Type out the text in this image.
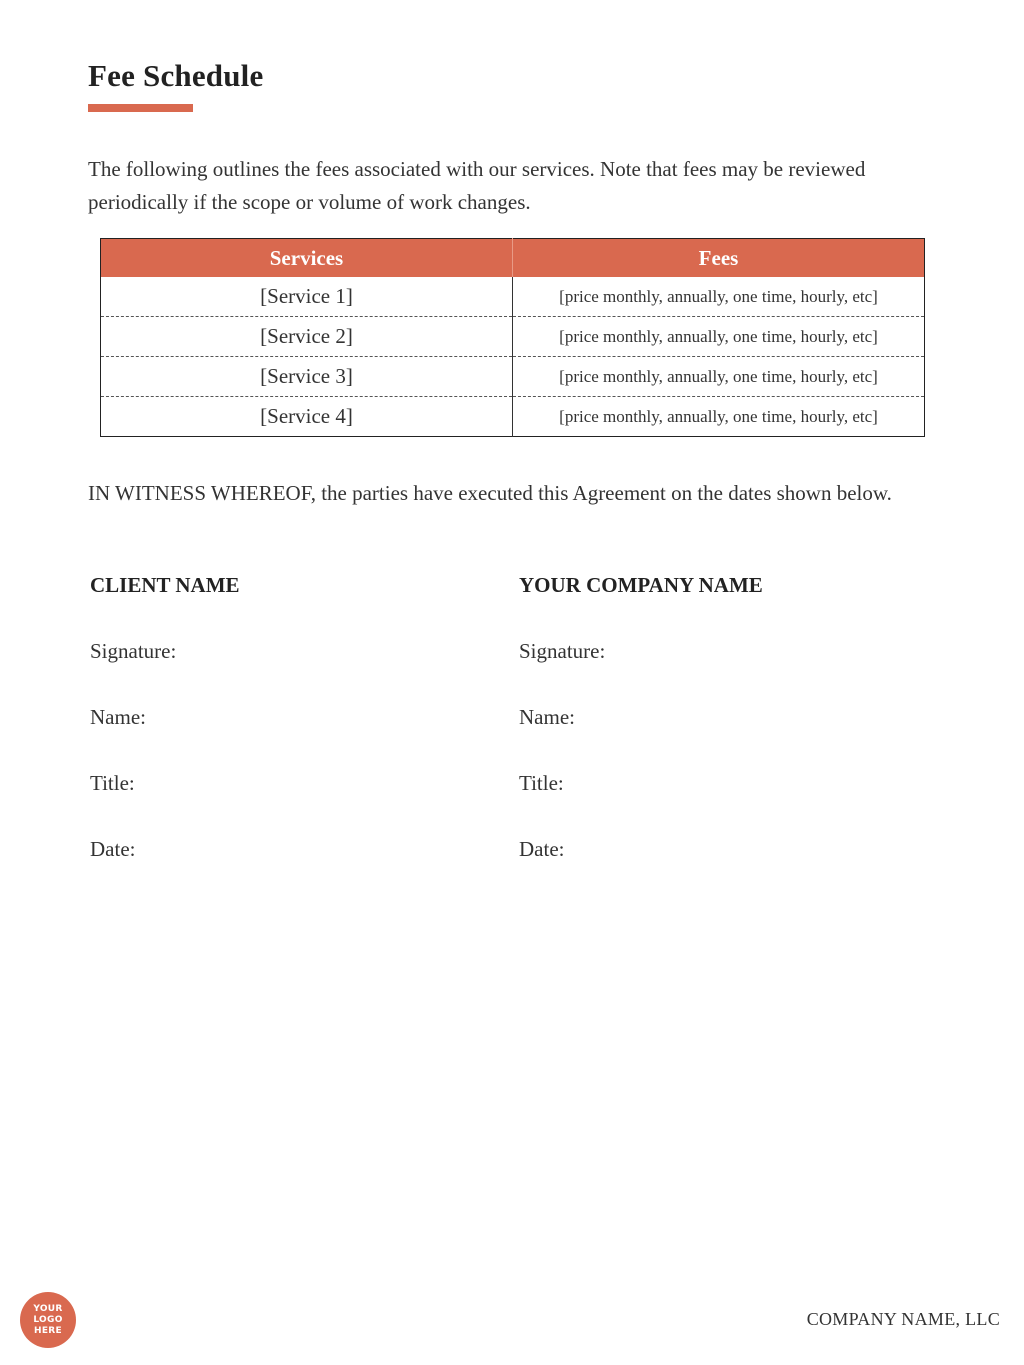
Fee Schedule

The following outlines the fees associated with our services. Note that fees may be reviewed periodically if the scope or volume of work changes.

Services	Fees
[Service 1]	[price monthly, annually, one time, hourly, etc]
[Service 2]	[price monthly, annually, one time, hourly, etc]
[Service 3]	[price monthly, annually, one time, hourly, etc]
[Service 4]	[price monthly, annually, one time, hourly, etc]

IN WITNESS WHEREOF, the parties have executed this Agreement on the dates shown below.

CLIENT NAME
Signature:
Name:
Title:
Date:
YOUR COMPANY NAME
Signature:
Name:
Title:
Date:
YOUR
LOGO
HERE
COMPANY NAME, LLC
